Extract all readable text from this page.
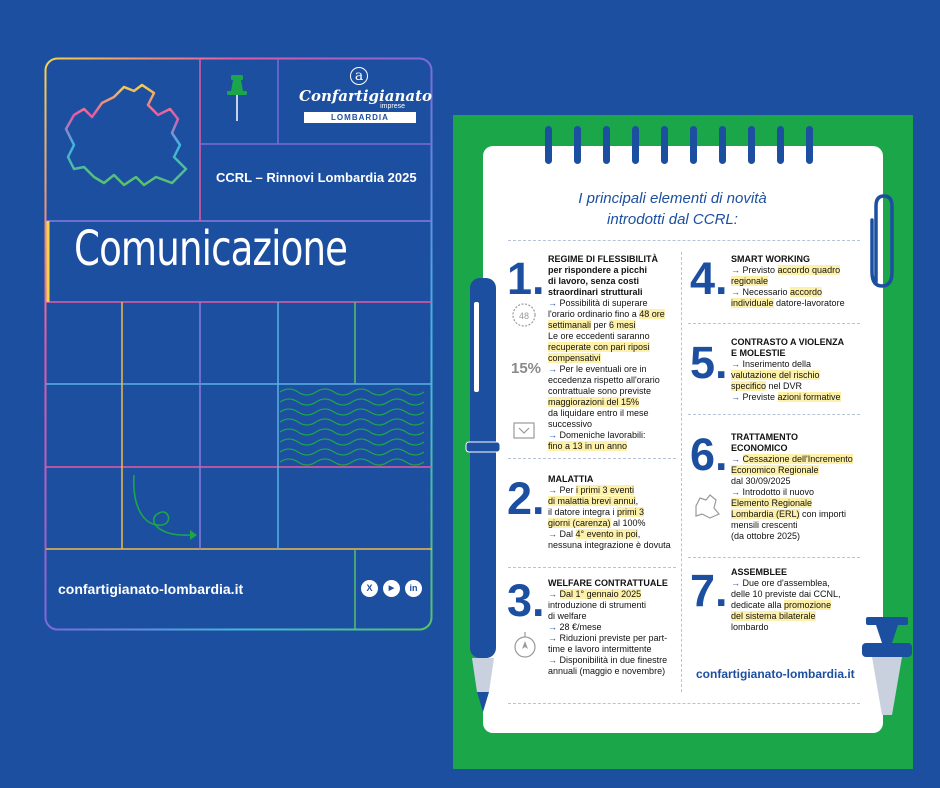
a
Confartigianato
imprese
LOMBARDIA
CCRL – Rinnovi Lombardia 2025
Comunicazione
confartigianato-lombardia.it	X	▶	in
I principali elementi di novità
introdotti dal CCRL:
1.
2.
3.
4.
5.
6.
7.
48
15%
REGIME DI FLESSIBILITÀ
per rispondere a picchi
di lavoro, senza costi
straordinari strutturali
→ Possibilità di superare
l'orario ordinario fino a 48 ore
settimanali per 6 mesi
Le ore eccedenti saranno
recuperate con pari riposi
compensativi
→ Per le eventuali ore in
eccedenza rispetto all'orario
contrattuale sono previste
maggiorazioni del 15%
da liquidare entro il mese
successivo
→ Domeniche lavorabili:
fino a 13 in un anno
MALATTIA
→ Per i primi 3 eventi
di malattia brevi annui,
il datore integra i primi 3
giorni (carenza) al 100%
→ Dal 4° evento in poi,
nessuna integrazione è dovuta
WELFARE CONTRATTUALE
→ Dal 1° gennaio 2025
introduzione di strumenti
di welfare
→ 28 €/mese
→ Riduzioni previste per part-
time e lavoro intermittente
→ Disponibilità in due finestre
annuali (maggio e novembre)
SMART WORKING
→ Previsto accordo quadro
regionale
→ Necessario accordo
individuale datore-lavoratore
CONTRASTO A VIOLENZA
E MOLESTIE
→ Inserimento della
valutazione del rischio
specifico nel DVR
→ Previste azioni formative
TRATTAMENTO
ECONOMICO
→ Cessazione dell'Incremento
Economico Regionale
dal 30/09/2025
→ Introdotto il nuovo
Elemento Regionale
Lombardia (ERL) con importi
mensili crescenti
(da ottobre 2025)
ASSEMBLEE
→ Due ore d'assemblea,
delle 10 previste dai CCNL,
dedicate alla promozione
del sistema bilaterale
lombardo
confartigianato-lombardia.it
